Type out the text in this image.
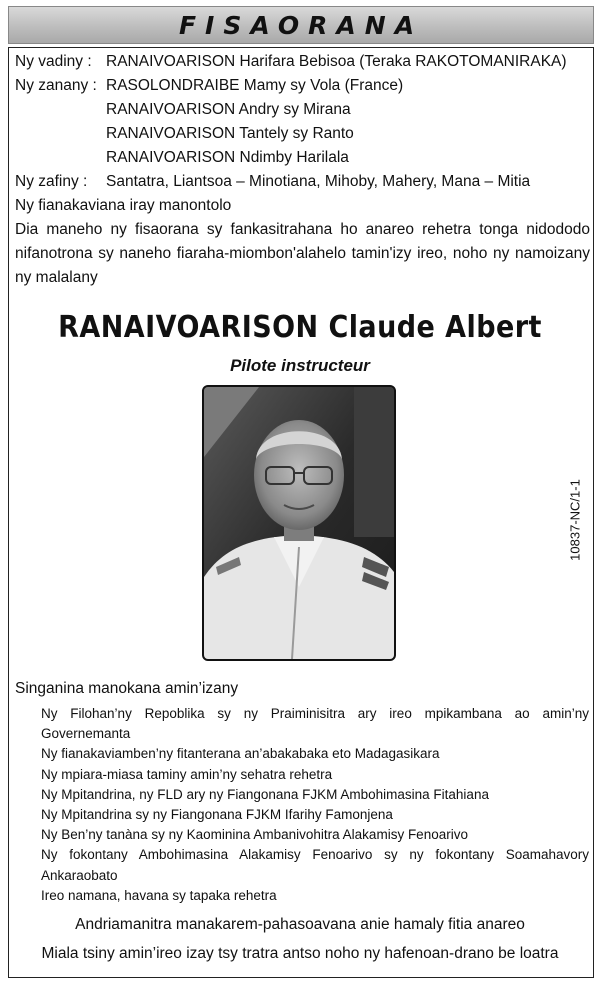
FISAORANA
Ny vadiny : RANAIVOARISON Harifara Bebisoa (Teraka RAKOTOMANIRAKA)
Ny zanany : RASOLONDRAIBE Mamy sy Vola (France)
RANAIVOARISON Andry sy Mirana
RANAIVOARISON Tantely sy Ranto
RANAIVOARISON Ndimby Harilala
Ny zafiny :	Santatra, Liantsoa – Minotiana, Mihoby, Mahery, Mana – Mitia
Ny fianakaviana iray manontolo
Dia maneho ny fisaorana sy fankasitrahana ho anareo rehetra tonga nidododo nifanotrona sy naneho fiaraha-miombon'alahelo tamin'izy ireo, noho ny namoizany ny malalany
RANAIVOARISON Claude Albert
Pilote instructeur
10837-NC/1-1
Singanina manokana amin’izany
Ny Filohan’ny Repoblika sy ny Praiminisitra ary ireo mpikambana ao amin’ny Governemanta
Ny fianakaviamben’ny fitanterana an’abakabaka eto Madagasikara
Ny mpiara-miasa taminy amin’ny sehatra rehetra
Ny Mpitandrina, ny FLD ary ny Fiangonana FJKM Ambohimasina Fitahiana
Ny Mpitandrina sy ny Fiangonana FJKM Ifarihy Famonjena
Ny Ben’ny tanàna sy ny Kaominina Ambanivohitra Alakamisy Fenoarivo
Ny fokontany Ambohimasina Alakamisy Fenoarivo sy ny fokontany Soamahavory Ankaraobato
Ireo namana, havana sy tapaka rehetra
Andriamanitra manakarem-pahasoavana anie hamaly fitia anareo
Miala tsiny amin’ireo izay tsy tratra antso noho ny hafenoan-drano be loatra
